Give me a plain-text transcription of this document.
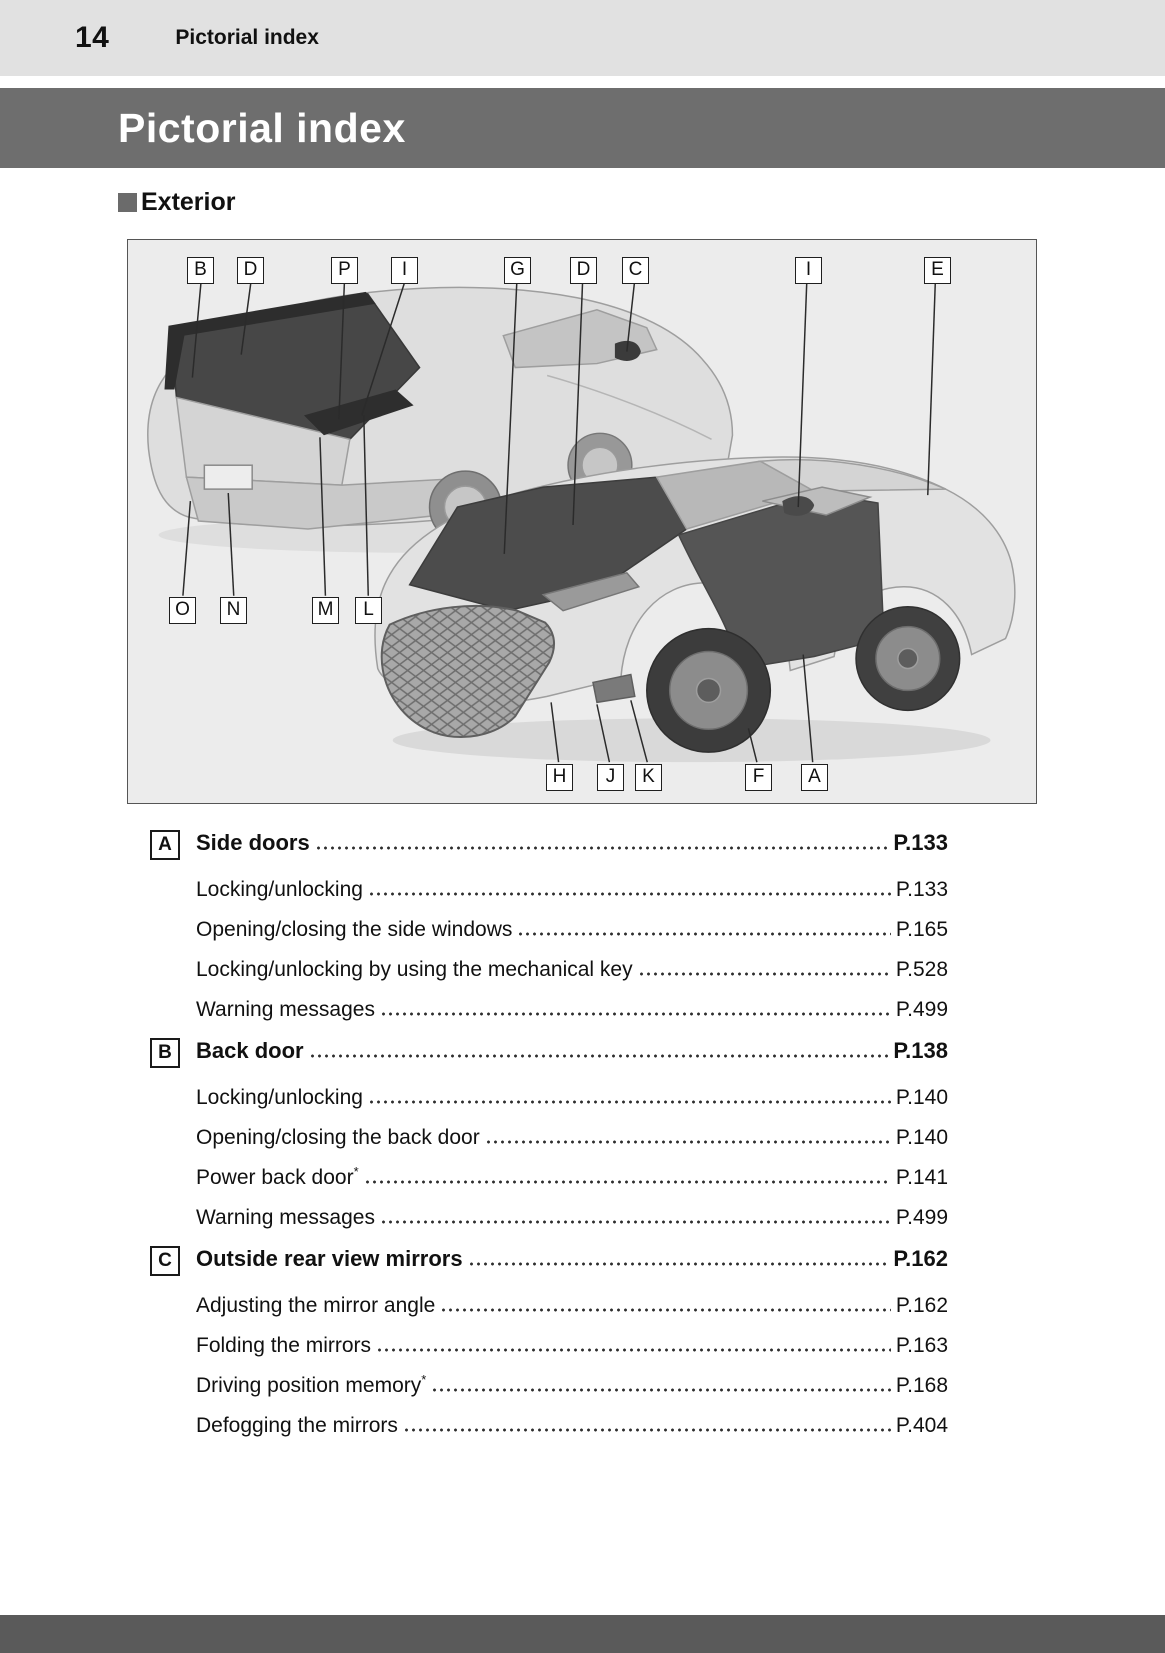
14	Pictorial index
Pictorial index
Exterior
B	D	P	I	G	D	C	I	E
O	N	M	L
H	J	K	F	A
A	Side doors	P.133
Locking/unlocking	P.133
Opening/closing the side windows	P.165
Locking/unlocking by using the mechanical key	P.528
Warning messages	P.499
B	Back door	P.138
Locking/unlocking	P.140
Opening/closing the back door	P.140
Power back door*	P.141
Warning messages	P.499
C	Outside rear view mirrors	P.162
Adjusting the mirror angle	P.162
Folding the mirrors	P.163
Driving position memory*	P.168
Defogging the mirrors	P.404
